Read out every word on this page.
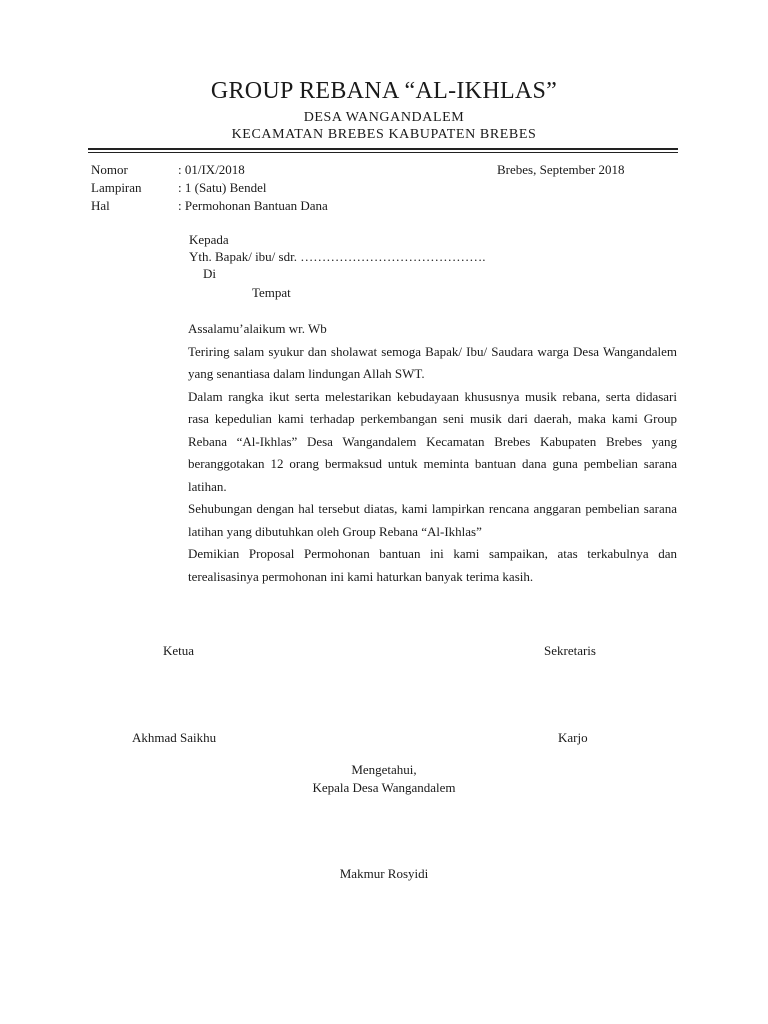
GROUP REBANA “AL-IKHLAS”
DESA WANGANDALEM
KECAMATAN BREBES KABUPATEN BREBES
Nomor	: 01/IX/2018
Lampiran	: 1 (Satu) Bendel
Hal	: Permohonan Bantuan Dana
Brebes, September 2018
Kepada
Yth. Bapak/ ibu/ sdr. …………………………………….
Di
Tempat

Assalamu’alaikum wr. Wb

Teriring salam syukur dan sholawat semoga Bapak/ Ibu/ Saudara warga Desa Wangandalem yang senantiasa dalam lindungan Allah SWT.

Dalam rangka ikut serta melestarikan kebudayaan khususnya musik rebana, serta didasari rasa kepedulian kami terhadap perkembangan seni musik dari daerah, maka kami Group Rebana “Al-Ikhlas” Desa Wangandalem Kecamatan Brebes Kabupaten Brebes yang beranggotakan 12 orang bermaksud untuk meminta bantuan dana guna pembelian sarana latihan.

Sehubungan dengan hal tersebut diatas, kami lampirkan rencana anggaran pembelian sarana latihan yang dibutuhkan oleh Group Rebana “Al-Ikhlas”

Demikian Proposal Permohonan bantuan ini kami sampaikan, atas terkabulnya dan terealisasinya permohonan ini kami haturkan banyak terima kasih.

Ketua	Sekretaris
Akhmad Saikhu	Karjo
Mengetahui,
Kepala Desa Wangandalem
Makmur Rosyidi
